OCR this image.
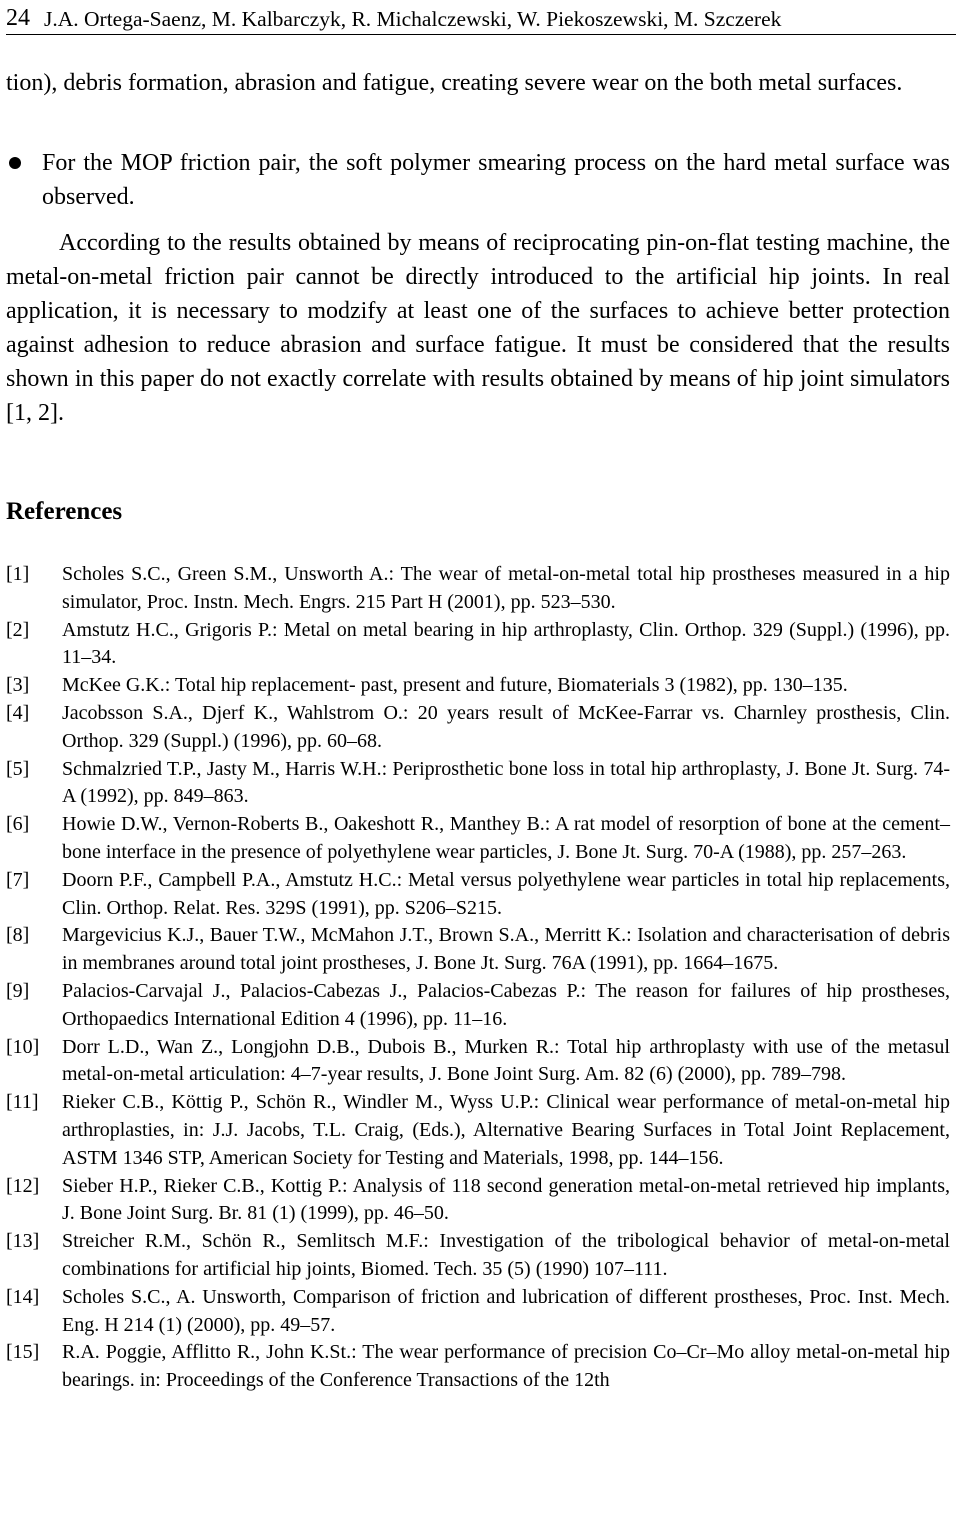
24 J.A. Ortega-Saenz, M. Kalbarczyk, R. Michalczewski, W. Piekoszewski, M. Szczerek
tion), debris formation, abrasion and fatigue, creating severe wear on the both metal surfaces.
For the MOP friction pair, the soft polymer smearing process on the hard metal surface was observed.
According to the results obtained by means of reciprocating pin-on-flat testing machine, the metal-on-metal friction pair cannot be directly introduced to the artificial hip joints. In real application, it is necessary to modzify at least one of the surfaces to achieve better protection against adhesion to reduce abrasion and surface fatigue. It must be considered that the results shown in this paper do not exactly correlate with results obtained by means of hip joint simulators [1, 2].
References
[1] Scholes S.C., Green S.M., Unsworth A.: The wear of metal-on-metal total hip prostheses measured in a hip simulator, Proc. Instn. Mech. Engrs. 215 Part H (2001), pp. 523–530.
[2] Amstutz H.C., Grigoris P.: Metal on metal bearing in hip arthroplasty, Clin. Orthop. 329 (Suppl.) (1996), pp. 11–34.
[3] McKee G.K.: Total hip replacement- past, present and future, Biomaterials 3 (1982), pp. 130–135.
[4] Jacobsson S.A., Djerf K., Wahlstrom O.: 20 years result of McKee-Farrar vs. Charnley prosthesis, Clin. Orthop. 329 (Suppl.) (1996), pp. 60–68.
[5] Schmalzried T.P., Jasty M., Harris W.H.: Periprosthetic bone loss in total hip arthroplasty, J. Bone Jt. Surg. 74-A (1992), pp. 849–863.
[6] Howie D.W., Vernon-Roberts B., Oakeshott R., Manthey B.: A rat model of resorption of bone at the cement–bone interface in the presence of polyethylene wear particles, J. Bone Jt. Surg. 70-A (1988), pp. 257–263.
[7] Doorn P.F., Campbell P.A., Amstutz H.C.: Metal versus polyethylene wear particles in total hip replacements, Clin. Orthop. Relat. Res. 329S (1991), pp. S206–S215.
[8] Margevicius K.J., Bauer T.W., McMahon J.T., Brown S.A., Merritt K.: Isolation and characterisation of debris in membranes around total joint prostheses, J. Bone Jt. Surg. 76A (1991), pp. 1664–1675.
[9] Palacios-Carvajal J., Palacios-Cabezas J., Palacios-Cabezas P.: The reason for failures of hip prostheses, Orthopaedics International Edition 4 (1996), pp. 11–16.
[10] Dorr L.D., Wan Z., Longjohn D.B., Dubois B., Murken R.: Total hip arthroplasty with use of the metasul metal-on-metal articulation: 4–7-year results, J. Bone Joint Surg. Am. 82 (6) (2000), pp. 789–798.
[11] Rieker C.B., Köttig P., Schön R., Windler M., Wyss U.P.: Clinical wear performance of metal-on-metal hip arthroplasties, in: J.J. Jacobs, T.L. Craig, (Eds.), Alternative Bearing Surfaces in Total Joint Replacement, ASTM 1346 STP, American Society for Testing and Materials, 1998, pp. 144–156.
[12] Sieber H.P., Rieker C.B., Kottig P.: Analysis of 118 second generation metal-on-metal retrieved hip implants, J. Bone Joint Surg. Br. 81 (1) (1999), pp. 46–50.
[13] Streicher R.M., Schön R., Semlitsch M.F.: Investigation of the tribological behavior of metal-on-metal combinations for artificial hip joints, Biomed. Tech. 35 (5) (1990) 107–111.
[14] Scholes S.C., A. Unsworth, Comparison of friction and lubrication of different prostheses, Proc. Inst. Mech. Eng. H 214 (1) (2000), pp. 49–57.
[15] R.A. Poggie, Afflitto R., John K.St.: The wear performance of precision Co–Cr–Mo alloy metal-on-metal hip bearings. in: Proceedings of the Conference Transactions of the 12th
